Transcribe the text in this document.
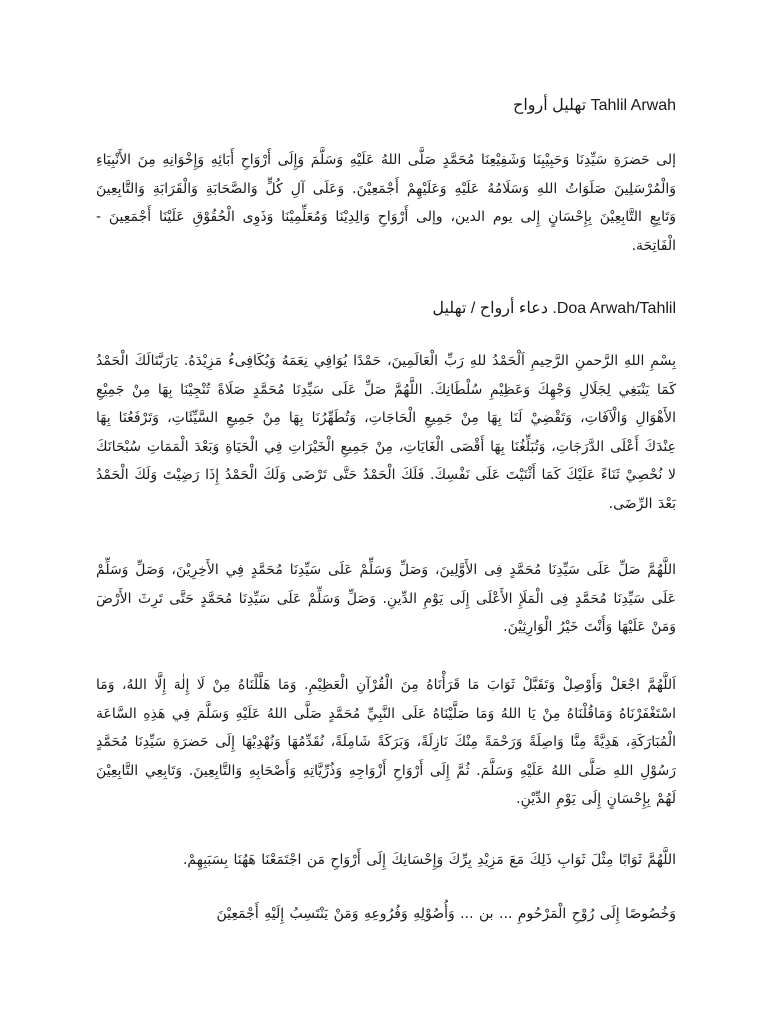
تهليل أرواح Tahlil Arwah
إلى حَضرَةِ سَيِّدِنَا وَحَبِيْبِنَا وَشَفِيْعِنَا مُحَمَّدٍ صَلَّى اللهُ عَلَيْهِ وَسَلَّمَ وَإِلَى أَرْوَاحِ أَبَائِهِ وَإِخْوَانِهِ مِنَ الأَنْبِيَاءِ وَالْمُرْسَلِينَ صَلَوَاتُ اللهِ وَسَلَامُهُ عَلَيْهِ وَعَلَيْهِمْ أَجْمَعِيْنَ. وَعَلَى آلِ كُلٍّ وَالصَّحَابَةِ وَالْقَرَابَةِ وَالتَّابِعِينَ وَتَابِعِ التَّابِعِيْنَ بِإِحْسَانٍ إِلى يوم الدين، وإلى أَرْوَاحِ وَالِدِيْنَا وَمُعَلِّمِيْنَا وَذَوِى الْحُقُوْقِ عَلَيْنَا أَجْمَعِينَ - الْفَاتِحَة.
دعاء أرواح / تهليل .Doa Arwah/Tahlil
بِسْمِ اللهِ الرَّحمنِ الرَّحِيمِ اَلْحَمْدُ للهِ رَبِّ الْعَالَمِينَ، حَمْدًا يُوَافِي نِعَمَهُ وَيُكَافِىءُ مَزِيْدَهُ. يَارَبَّنَالَكَ الْحَمْدُ كَمَا يَنْبَغِي لِجَلَالِ وَجْهِكَ وَعَظِيْمِ سُلْطَانِكَ. اللَّهُمَّ صَلِّ عَلَى سَيِّدِنَا مُحَمَّدٍ صَلَاةً تُنْجِيْنَا بِهَا مِنْ جَمِيْعِ الأَهْوَالِ وَالْآفَاتِ، وَتَقْضِيْ لَنَا بِهَا مِنْ جَمِيعِ الْحَاجَاتِ، وَتُطَهِّرُنَا بِهَا مِنْ جَمِيعِ السَّيِّئَاتِ، وَتَرْفَعُنَا بِهَا عِنْدَكَ أَعْلَى الدَّرَجَاتِ، وَتُبَلِّغُنَا بِهَا أَقْصَى الْغَايَاتِ، مِنْ جَمِيعِ الْخَيْرَاتِ فِي الْحَيَاةِ وَبَعْدَ الْمَمَاتِ سُبْحَانَكَ لا نُحْصِيْ ثَنَاءً عَلَيْكَ كَمَا أَثْنَيْتَ عَلَى نَفْسِكَ. فَلَكَ الْحَمْدُ حَتَّى تَرْضَى وَلَكَ الْحَمْدُ إِذَا رَضِيْتَ وَلَكَ الْحَمْدُ بَعْدَ الرِّضَى.
اللَّهُمَّ صَلِّ عَلَى سَيِّدِنَا مُحَمَّدٍ فِى الأَوَّلِينَ، وَصَلِّ وَسَلِّمْ عَلَى سَيِّدِنَا مُحَمَّدٍ فِي الأَخِرِيْنَ، وَصَلِّ وَسَلِّمْ عَلَى سَيِّدِنَا مُحَمَّدٍ فِى الْمَلَإِ الأَعْلَى إِلَى يَوْمِ الدِّينِ. وَصَلِّ وَسَلِّمْ عَلَى سَيِّدِنَا مُحَمَّدٍ حَتَّى تَرِثَ الأَرْضَ وَمَنْ عَلَيْهَا وَأَنْتَ خَيْرُ الْوَارِثِيْنَ.
اَللَّهُمَّ اجْعَلْ وَأَوْصِلْ وَتَقَبَّلْ ثَوَابَ مَا قَرَأْنَاهُ مِنَ الْقُرْآنِ الْعَظِيْمِ. وَمَا هَلَّلْنَاهُ مِنْ لَا إِلٰهَ إِلَّا اللهُ، وَمَا اسْتَغْفَرْنَاهُ وَمَاقُلْنَاهُ مِنْ يَا اللهُ وَمَا صَلَّيْنَاهُ عَلَى النَّبِيِّ مُحَمَّدٍ صَلَّى اللهُ عَلَيْهِ وَسَلَّمَ فِي هَذِهِ السَّاعَة الْمُبَارَكَةِ، هَدِيَّةً مِنَّا وَاصِلَةً وَرَحْمَةً مِنْكَ نَازِلَةً، وَبَرَكَةً شَامِلَةً، نُقَدِّمُهَا وَنُهْدِيْهَا إِلَى حَضرَةِ سَيِّدِنَا مُحَمَّدٍ رَسُوْلِ اللهِ صَلَّى اللهُ عَلَيْهِ وَسَلَّمَ. ثُمَّ إِلَى أَرْوَاحِ أَزْوَاجِهِ وَذُرِّيَّاتِهِ وَأَصْحَابِهِ وَالتَّابِعِينَ. وَتَابِعِي التَّابِعِيْنَ لَهُمْ بِإِحْسَانٍ إِلَى يَوْمِ الدِّيْنِ.
اللَّهُمَّ ثَوَابًا مِثْلَ ثَوَابِ ذَلِكَ مَعَ مَزِيْدِ بِرِّكَ وَإِحْسَانِكَ إِلَى أَرْوَاحِ مَن اجْتَمَعْنَا هَهُنَا بِسَبَبِهِمْ.
وَخُصُوصًا إِلَى رُوْحِ الْمَرْحُومِ ... بن ... وَأُصُوْلِهِ وَفُرُوعِهِ وَمَنْ يَنْتَسِبُ إِلَيْهِ أَجْمَعِيْنَ
